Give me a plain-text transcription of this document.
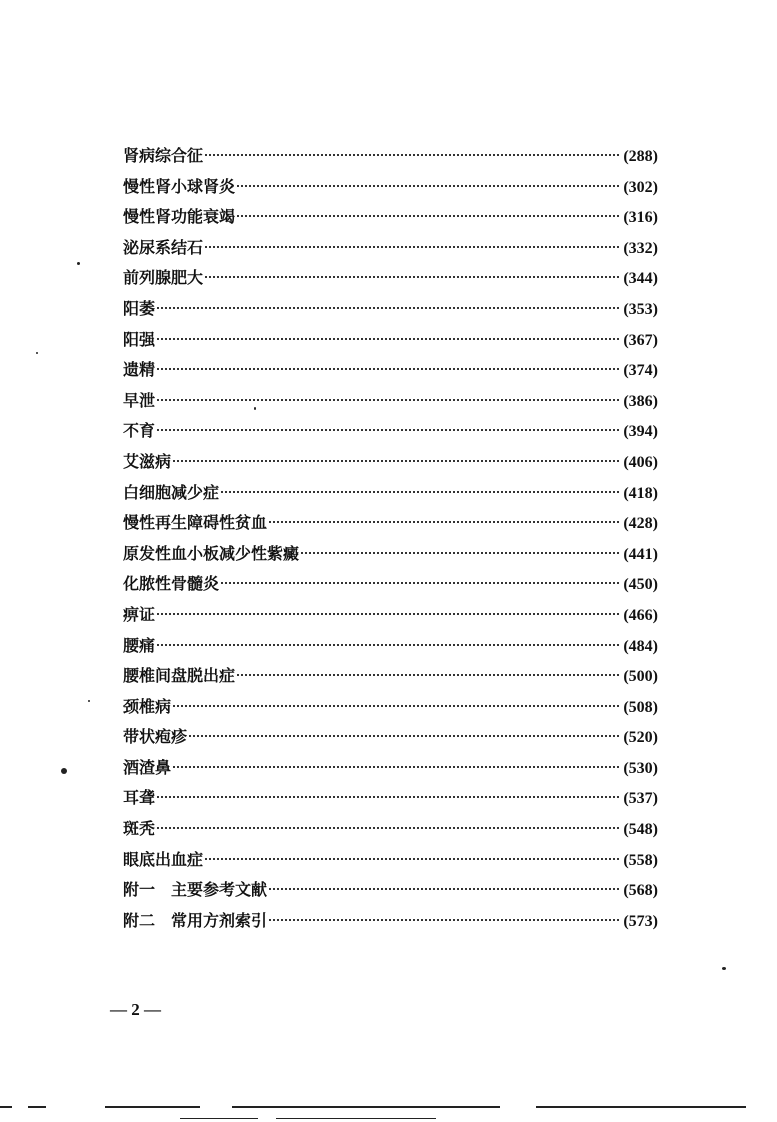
肾病综合征	(288)
慢性肾小球肾炎	(302)
慢性肾功能衰竭	(316)
泌尿系结石	(332)
前列腺肥大	(344)
阳萎	(353)
阳强	(367)
遗精	(374)
早泄	(386)
不育	(394)
艾滋病	(406)
白细胞减少症	(418)
慢性再生障碍性贫血	(428)
原发性血小板减少性紫癜	(441)
化脓性骨髓炎	(450)
痹证	(466)
腰痛	(484)
腰椎间盘脱出症	(500)
颈椎病	(508)
带状疱疹	(520)
酒渣鼻	(530)
耳聋	(537)
斑秃	(548)
眼底出血症	(558)
附一　主要参考文献	(568)
附二　常用方剂索引	(573)
— 2 —
